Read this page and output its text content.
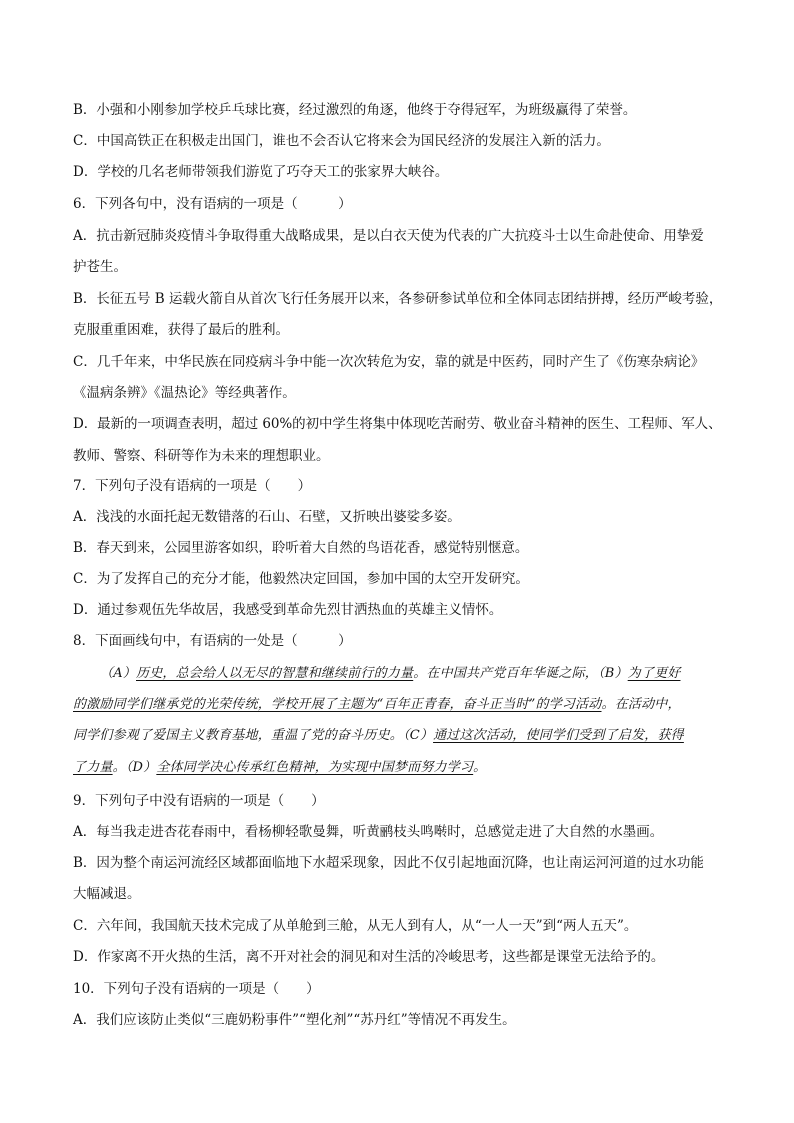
B．小强和小刚参加学校乒乓球比赛，经过激烈的角逐，他终于夺得冠军，为班级赢得了荣誉。
C．中国高铁正在积极走出国门，谁也不会否认它将来会为国民经济的发展注入新的活力。
D．学校的几名老师带领我们游览了巧夺天工的张家界大峡谷。
6．下列各句中，没有语病的一项是（　　　）
A．抗击新冠肺炎疫情斗争取得重大战略成果，是以白衣天使为代表的广大抗疫斗士以生命赴使命、用挚爱
护苍生。
B．长征五号 B 运载火箭自从首次飞行任务展开以来，各参研参试单位和全体同志团结拼搏，经历严峻考验，
克服重重困难，获得了最后的胜利。
C．几千年来，中华民族在同疫病斗争中能一次次转危为安，靠的就是中医药，同时产生了《伤寒杂病论》
《温病条辨》《温热论》等经典著作。
D．最新的一项调查表明，超过 60%的初中学生将集中体现吃苦耐劳、敬业奋斗精神的医生、工程师、军人、
教师、警察、科研等作为未来的理想职业。
7．下列句子没有语病的一项是（　　）
A．浅浅的水面托起无数错落的石山、石壁，又折映出婆娑多姿。
B．春天到来，公园里游客如织，聆听着大自然的鸟语花香，感觉特别惬意。
C．为了发挥自己的充分才能，他毅然决定回国，参加中国的太空开发研究。
D．通过参观伍先华故居，我感受到革命先烈甘洒热血的英雄主义情怀。
8．下面画线句中，有语病的一处是（　　　）
（A）历史，总会给人以无尽的智慧和继续前行的力量。在中国共产党百年华诞之际，（B）为了更好
的激励同学们继承党的光荣传统，学校开展了主题为“百年正青春，奋斗正当时”的学习活动。在活动中，
同学们参观了爱国主义教育基地，重温了党的奋斗历史。（C）通过这次活动，使同学们受到了启发，获得
了力量。（D）全体同学决心传承红色精神，为实现中国梦而努力学习。
9．下列句子中没有语病的一项是（　　）
A．每当我走进杏花春雨中，看杨柳轻歌曼舞，听黄鹂枝头鸣啭时，总感觉走进了大自然的水墨画。
B．因为整个南运河流经区域都面临地下水超采现象，因此不仅引起地面沉降，也让南运河河道的过水功能
大幅减退。
C．六年间，我国航天技术完成了从单舱到三舱，从无人到有人，从“一人一天”到“两人五天”。
D．作家离不开火热的生活，离不开对社会的洞见和对生活的冷峻思考，这些都是课堂无法给予的。
10．下列句子没有语病的一项是（　　）
A．我们应该防止类似“三鹿奶粉事件”“塑化剂”“苏丹红”等情况不再发生。
